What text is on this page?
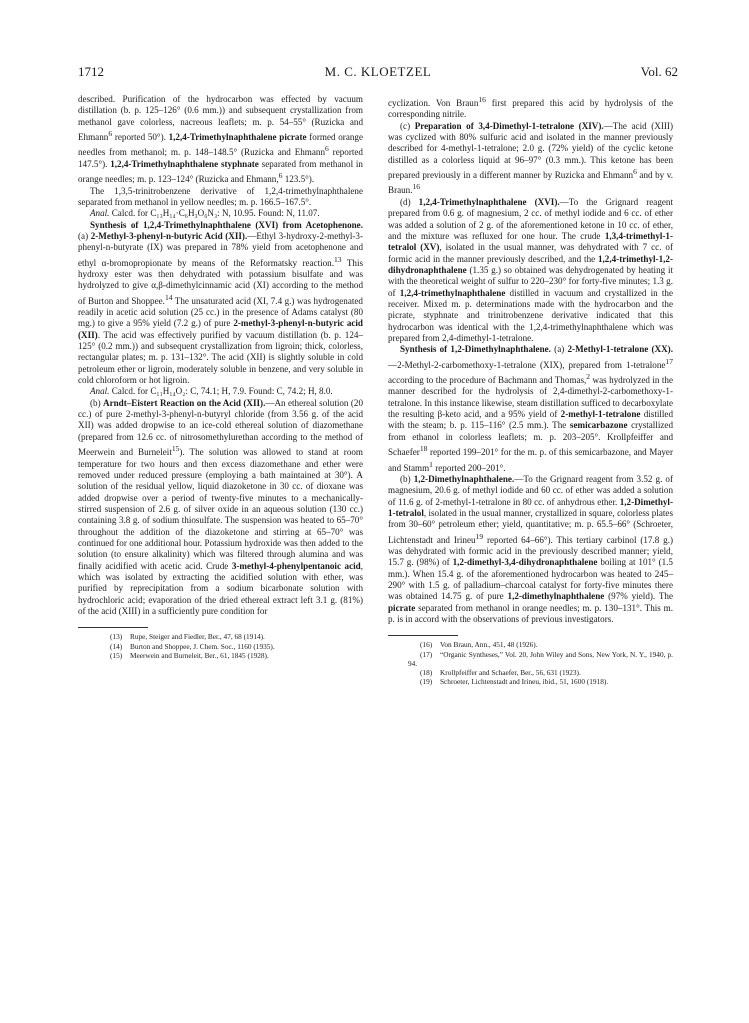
1712	M. C. KLOETZEL	Vol. 62

described. Purification of the hydrocarbon was effected by vacuum distillation (b. p. 125–126° (0.6 mm.)) and subsequent crystallization from methanol gave colorless, nacreous leaflets; m. p. 54–55° (Ruzicka and Ehmann$^6$ reported 50°). 1,2,4-Trimethylnaphthalene picrate formed orange needles from methanol; m. p. 148–148.5° (Ruzicka and Ehmann$^6$ reported 147.5°). 1,2,4-Trimethylnaphthalene styphnate separated from methanol in orange needles; m. p. 123–124° (Ruzicka and Ehmann,$^6$ 123.5°).

The 1,3,5-trinitrobenzene derivative of 1,2,4-trimethylnaphthalene separated from methanol in yellow needles; m. p. 166.5–167.5°.

Anal. Calcd. for C₁₃H₁₄·C₆H₃O₆N₃: N, 10.95. Found: N, 11.07.

Synthesis of 1,2,4-Trimethylnaphthalene (XVI) from Acetophenone. (a) 2-Methyl-3-phenyl-n-butyric Acid (XII).—Ethyl 3-hydroxy-2-methyl-3-phenyl-n-butyrate (IX) was prepared in 78% yield from acetophenone and ethyl α-bromopropionate by means of the Reformatsky reaction.$^{13}$ This hydroxy ester was then dehydrated with potassium bisulfate and was hydrolyzed to give α,β-dimethylcinnamic acid (XI) according to the method of Burton and Shoppee.$^{14}$ The unsaturated acid (XI, 7.4 g.) was hydrogenated readily in acetic acid solution (25 cc.) in the presence of Adams catalyst (80 mg.) to give a 95% yield (7.2 g.) of pure 2-methyl-3-phenyl-n-butyric acid (XII). The acid was effectively purified by vacuum distillation (b. p. 124–125° (0.2 mm.)) and subsequent crystallization from ligroin; thick, colorless, rectangular plates; m. p. 131–132°. The acid (XII) is slightly soluble in cold petroleum ether or ligroin, moderately soluble in benzene, and very soluble in cold chloroform or hot ligroin.

Anal. Calcd. for C₁₁H₁₄O₂: C, 74.1; H, 7.9. Found: C, 74.2; H, 8.0.

(b) Arndt–Eistert Reaction on the Acid (XII).—An ethereal solution (20 cc.) of pure 2-methyl-3-phenyl-n-butyryl chloride (from 3.56 g. of the acid XII) was added dropwise to an ice-cold ethereal solution of diazomethane (prepared from 12.6 cc. of nitrosomethylurethan according to the method of Meerwein and Burneleit$^{15}$). The solution was allowed to stand at room temperature for two hours and then excess diazomethane and ether were removed under reduced pressure (employing a bath maintained at 30°). A solution of the residual yellow, liquid diazoketone in 30 cc. of dioxane was added dropwise over a period of twenty-five minutes to a mechanically-stirred suspension of 2.6 g. of silver oxide in an aqueous solution (130 cc.) containing 3.8 g. of sodium thiosulfate. The suspension was heated to 65–70° throughout the addition of the diazoketone and stirring at 65–70° was continued for one additional hour. Potassium hydroxide was then added to the solution (to ensure alkalinity) which was filtered through alumina and was finally acidified with acetic acid. Crude 3-methyl-4-phenylpentanoic acid, which was isolated by extracting the acidified solution with ether, was purified by reprecipitation from a sodium bicarbonate solution with hydrochloric acid; evaporation of the dried ethereal extract left 3.1 g. (81%) of the acid (XIII) in a sufficiently pure condition for

(13) Rupe, Steiger and Fiedler, Ber., 47, 68 (1914).

(14) Burton and Shoppee, J. Chem. Soc., 1160 (1935).

(15) Meerwein and Burneleit, Ber., 61, 1845 (1928).

cyclization. Von Braun$^{16}$ first prepared this acid by hydrolysis of the corresponding nitrile.

(c) Preparation of 3,4-Dimethyl-1-tetralone (XIV).—The acid (XIII) was cyclized with 80% sulfuric acid and isolated in the manner previously described for 4-methyl-1-tetralone; 2.0 g. (72% yield) of the cyclic ketone distilled as a colorless liquid at 96–97° (0.3 mm.). This ketone has been prepared previously in a different manner by Ruzicka and Ehmann$^6$ and by v. Braun.$^{16}$

(d) 1,2,4-Trimethylnaphthalene (XVI).—To the Grignard reagent prepared from 0.6 g. of magnesium, 2 cc. of methyl iodide and 6 cc. of ether was added a solution of 2 g. of the aforementioned ketone in 10 cc. of ether, and the mixture was refluxed for one hour. The crude 1,3,4-trimethyl-1-tetralol (XV), isolated in the usual manner, was dehydrated with 7 cc. of formic acid in the manner previously described, and the 1,2,4-trimethyl-1,2-dihydronaphthalene (1.35 g.) so obtained was dehydrogenated by heating it with the theoretical weight of sulfur to 220–230° for forty-five minutes; 1.3 g. of 1,2,4-trimethylnaphthalene distilled in vacuum and crystallized in the receiver. Mixed m. p. determinations made with the hydrocarbon and the picrate, styphnate and trinitrobenzene derivative indicated that this hydrocarbon was identical with the 1,2,4-trimethylnaphthalene which was prepared from 2,4-dimethyl-1-tetralone.

Synthesis of 1,2-Dimethylnaphthalene. (a) 2-Methyl-1-tetralone (XX).—2-Methyl-2-carbomethoxy-1-tetralone (XIX), prepared from 1-tetralone$^{17}$ according to the procedure of Bachmann and Thomas,$^2$ was hydrolyzed in the manner described for the hydrolysis of 2,4-dimethyl-2-carbomethoxy-1-tetralone. In this instance likewise, steam distillation sufficed to decarboxylate the resulting β-keto acid, and a 95% yield of 2-methyl-1-tetralone distilled with the steam; b. p. 115–116° (2.5 mm.). The semicarbazone crystallized from ethanol in colorless leaflets; m. p. 203–205°. Krollpfeiffer and Schaefer$^{18}$ reported 199–201° for the m. p. of this semicarbazone, and Mayer and Stamm$^1$ reported 200–201°.

(b) 1,2-Dimethylnaphthalene.—To the Grignard reagent from 3.52 g. of magnesium, 20.6 g. of methyl iodide and 60 cc. of ether was added a solution of 11.6 g. of 2-methyl-1-tetralone in 80 cc. of anhydrous ether. 1,2-Dimethyl-1-tetralol, isolated in the usual manner, crystallized in square, colorless plates from 30–60° petroleum ether; yield, quantitative; m. p. 65.5–66° (Schroeter, Lichtenstadt and Irineu$^{19}$ reported 64–66°). This tertiary carbinol (17.8 g.) was dehydrated with formic acid in the previously described manner; yield, 15.7 g. (98%) of 1,2-dimethyl-3,4-dihydronaphthalene boiling at 101° (1.5 mm.). When 15.4 g. of the aforementioned hydrocarbon was heated to 245–290° with 1.5 g. of palladium–charcoal catalyst for forty-five minutes there was obtained 14.75 g. of pure 1,2-dimethylnaphthalene (97% yield). The picrate separated from methanol in orange needles; m. p. 130–131°. This m. p. is in accord with the observations of previous investigators.

(16) Von Braun, Ann., 451, 48 (1926).

(17) “Organic Syntheses,” Vol. 20, John Wiley and Sons, New York, N. Y., 1940, p. 94.

(18) Krollpfeiffer and Schaefer, Ber., 56, 631 (1923).

(19) Schroeter, Lichtenstadt and Irineu, ibid., 51, 1600 (1918).
